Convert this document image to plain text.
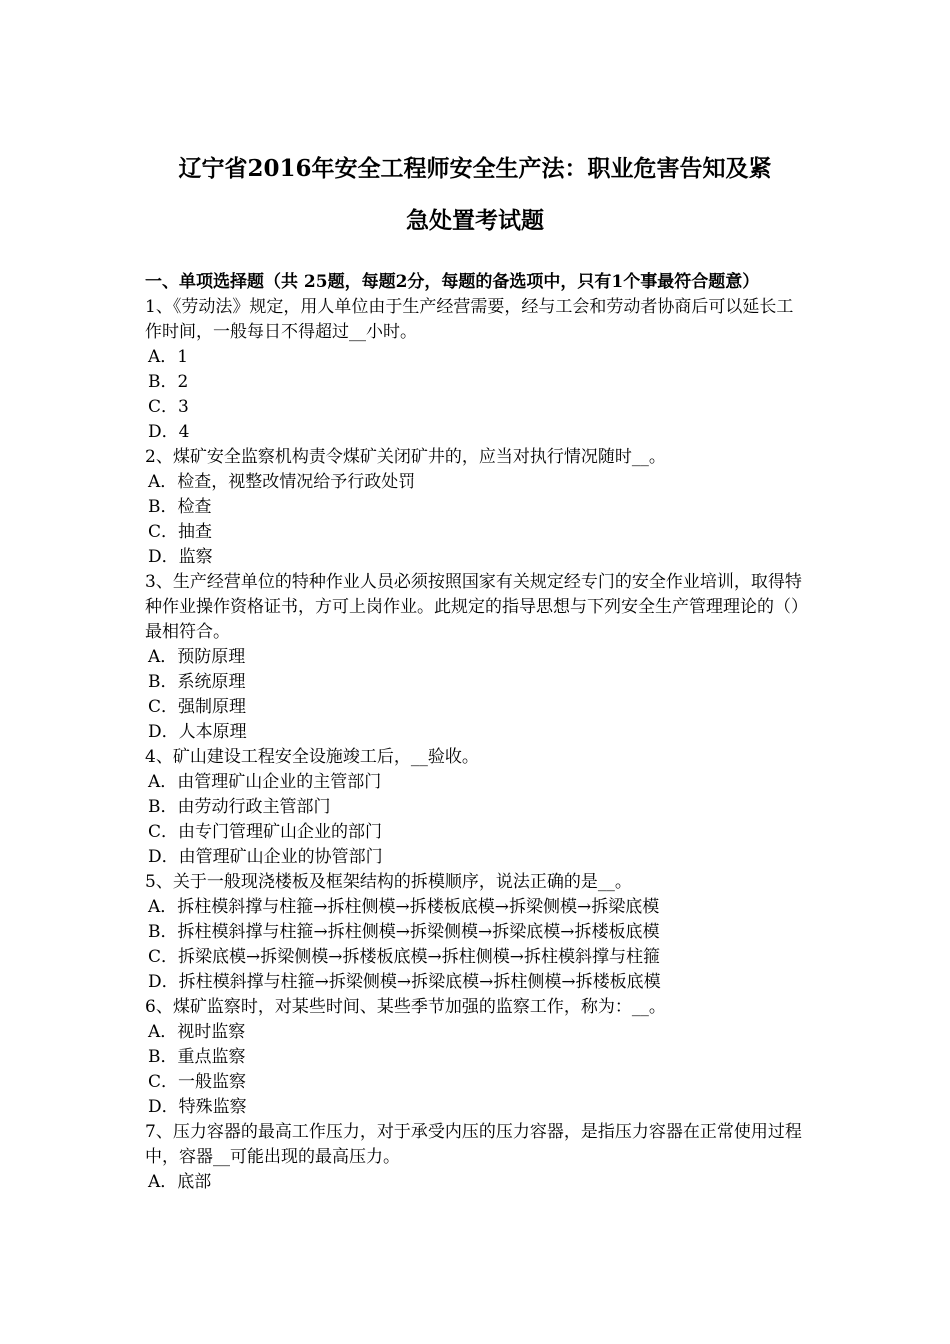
辽宁省2016年安全工程师安全生产法：职业危害告知及紧
急处置考试题
一、单项选择题（共 25题，每题2分，每题的备选项中，只有1个事最符合题意）
1、《劳动法》规定，用人单位由于生产经营需要，经与工会和劳动者协商后可以延长工作时间，一般每日不得超过__小时。
A．1
B．2
C．3
D．4
2、煤矿安全监察机构责令煤矿关闭矿井的，应当对执行情况随时__。
A．检查，视整改情况给予行政处罚
B．检查
C．抽查
D．监察
3、生产经营单位的特种作业人员必须按照国家有关规定经专门的安全作业培训，取得特种作业操作资格证书，方可上岗作业。此规定的指导思想与下列安全生产管理理论的（）最相符合。
A．预防原理
B．系统原理
C．强制原理
D．人本原理
4、矿山建设工程安全设施竣工后，__验收。
A．由管理矿山企业的主管部门
B．由劳动行政主管部门
C．由专门管理矿山企业的部门
D．由管理矿山企业的协管部门
5、关于一般现浇楼板及框架结构的拆模顺序，说法正确的是__。
A．拆柱模斜撑与柱箍→拆柱侧模→拆楼板底模→拆梁侧模→拆梁底模
B．拆柱模斜撑与柱箍→拆柱侧模→拆梁侧模→拆梁底模→拆楼板底模
C．拆梁底模→拆梁侧模→拆楼板底模→拆柱侧模→拆柱模斜撑与柱箍
D．拆柱模斜撑与柱箍→拆梁侧模→拆梁底模→拆柱侧模→拆楼板底模
6、煤矿监察时，对某些时间、某些季节加强的监察工作，称为：__。
A．视时监察
B．重点监察
C．一般监察
D．特殊监察
7、压力容器的最高工作压力，对于承受内压的压力容器，是指压力容器在正常使用过程中，容器__可能出现的最高压力。
A．底部
